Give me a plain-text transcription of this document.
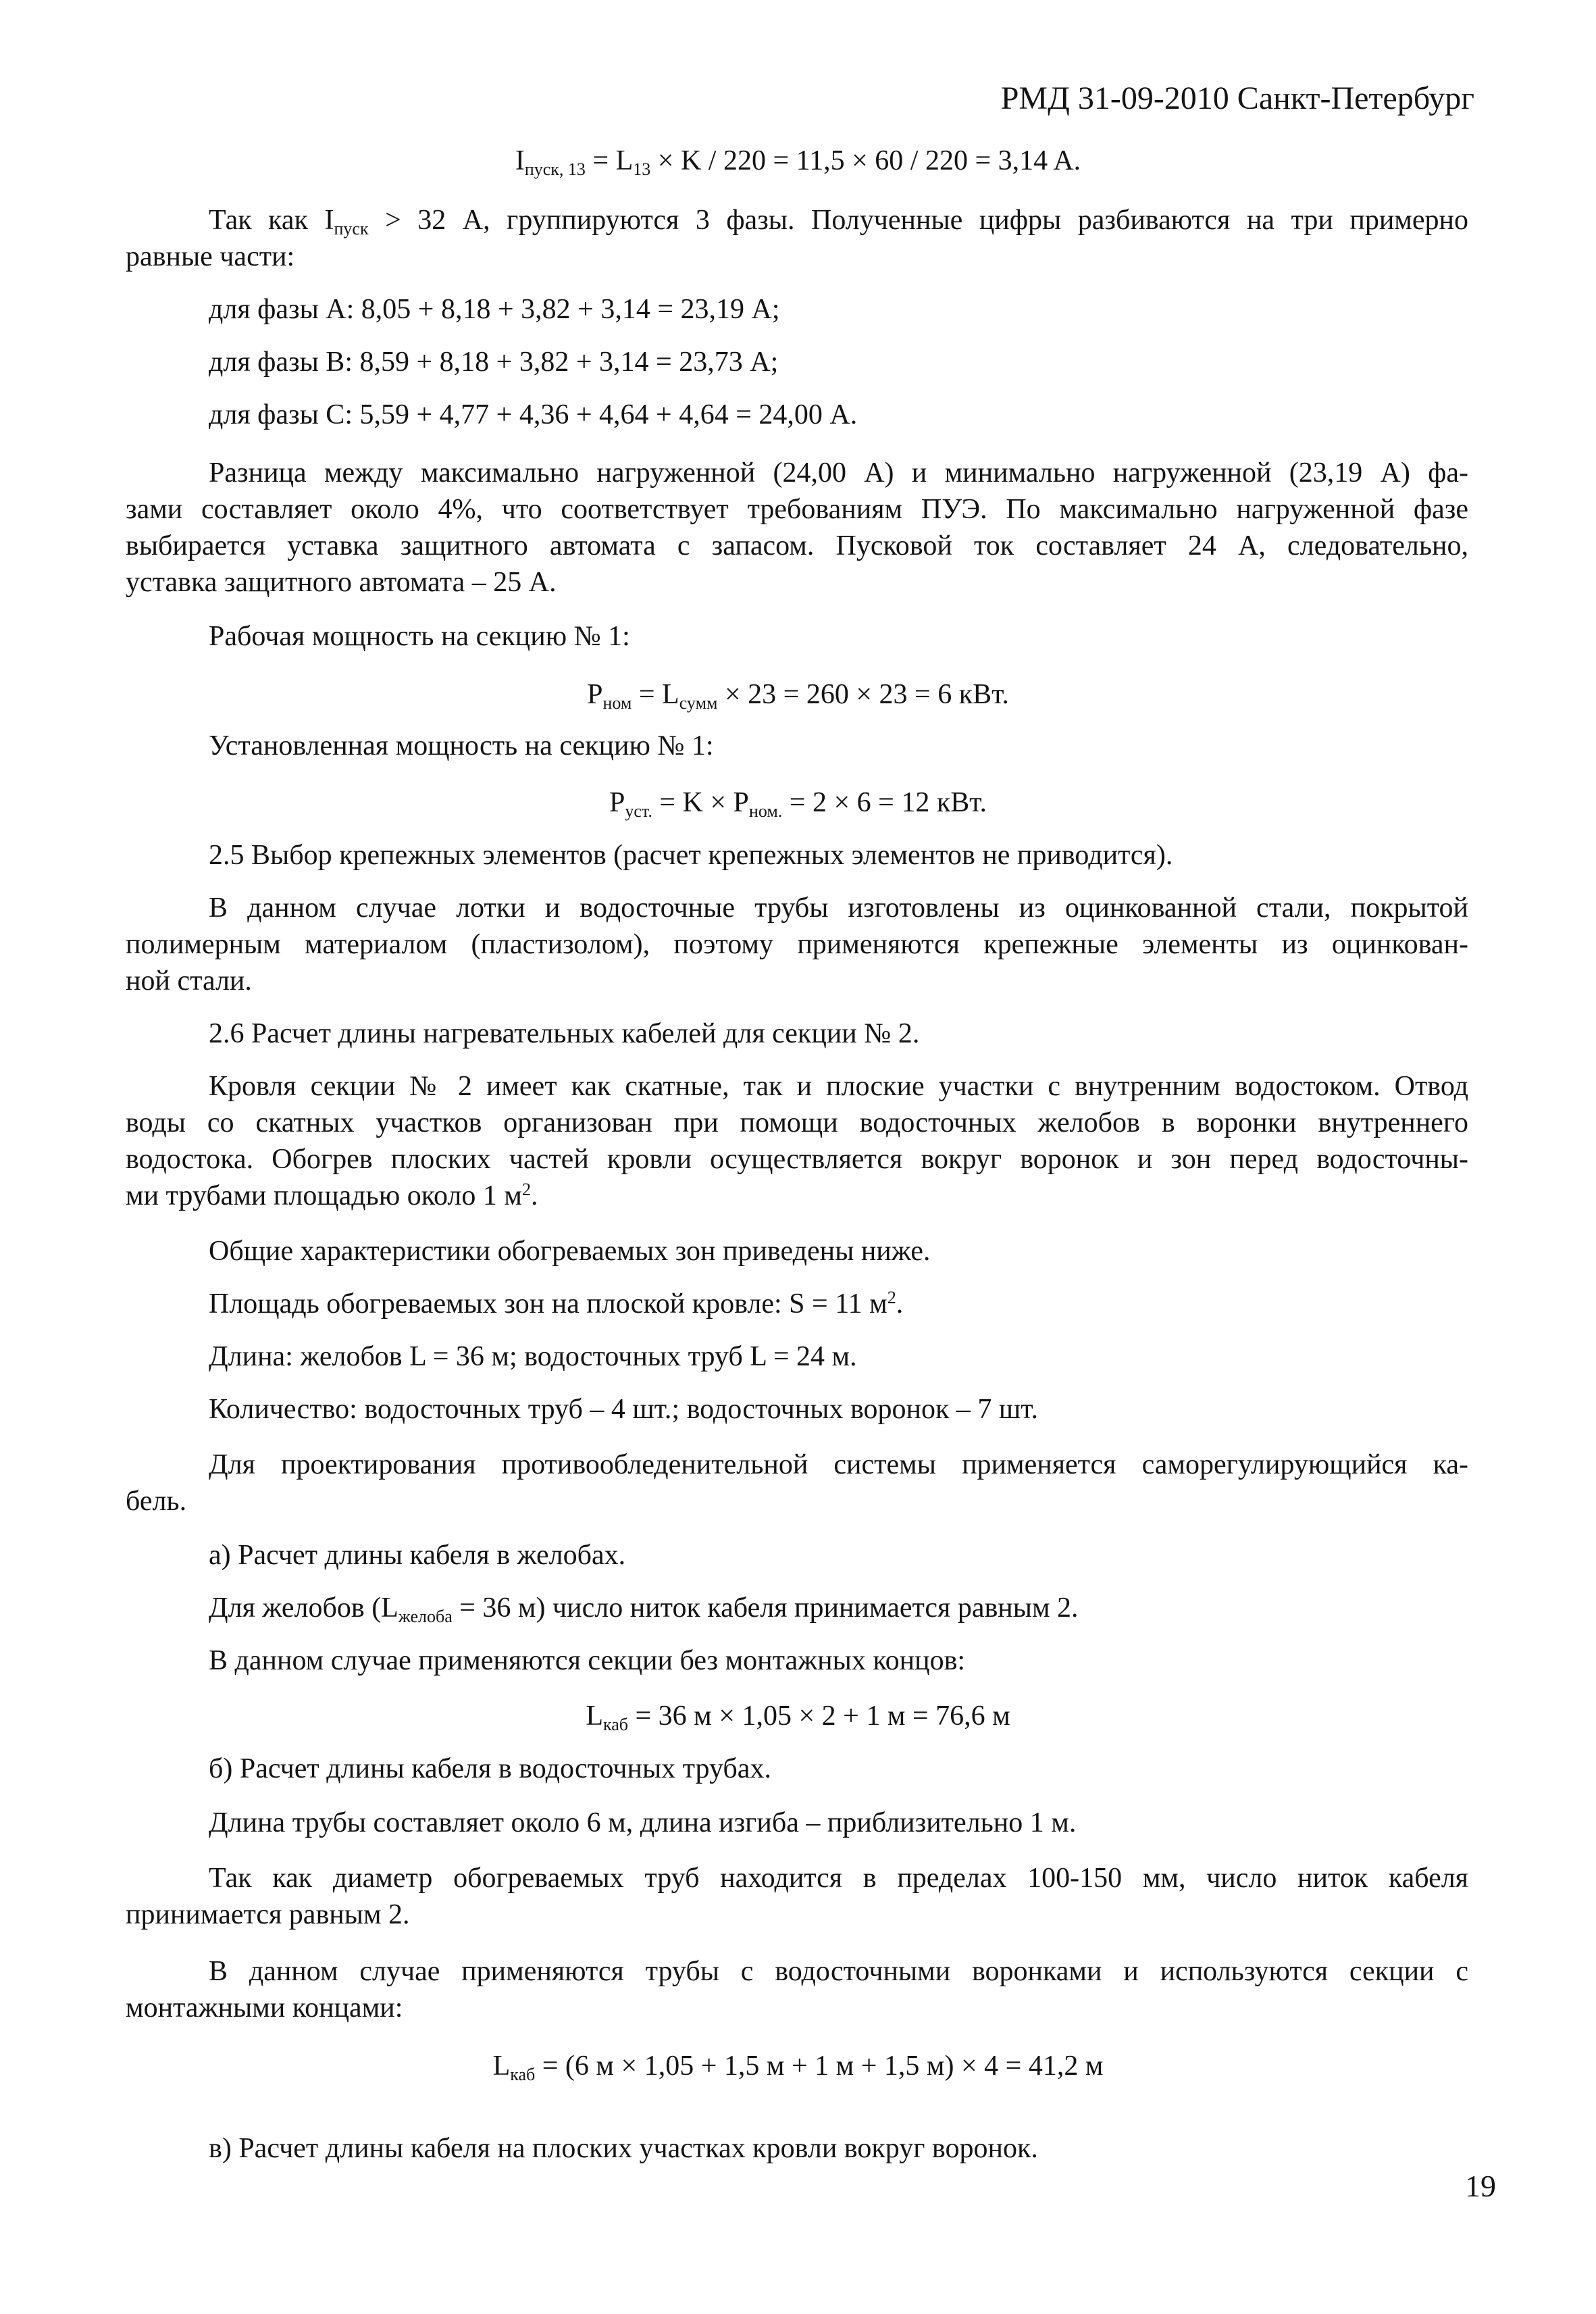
РМД 31-09-2010 Санкт-Петербург
$I_{пуск, 13} = L_{13} \times K / 220 = 11,5 \times 60 / 220 = 3,14$ A.
Так как $I_{пуск} > 32$ А, группируются 3 фазы. Полученные цифры разбиваются на три примерно
равные части:
для фазы А: 8,05 + 8,18 + 3,82 + 3,14 = 23,19 А;
для фазы В: 8,59 + 8,18 + 3,82 + 3,14 = 23,73 А;
для фазы С: 5,59 + 4,77 + 4,36 + 4,64 + 4,64 = 24,00 А.
Разница между максимально нагруженной (24,00 А) и минимально нагруженной (23,19 А) фа-
зами составляет около 4%, что соответствует требованиям ПУЭ. По максимально нагруженной фазе
выбирается уставка защитного автомата с запасом. Пусковой ток составляет 24 А, следовательно,
уставка защитного автомата – 25 А.
Рабочая мощность на секцию № 1:
$P_{ном} = L_{сумм} \times 23 = 260 \times 23 = 6$ кВт.
Установленная мощность на секцию № 1:
$P_{уст.} = K \times P_{ном.} = 2 \times 6 = 12$ кВт.
2.5 Выбор крепежных элементов (расчет крепежных элементов не приводится).
В данном случае лотки и водосточные трубы изготовлены из оцинкованной стали, покрытой
полимерным материалом (пластизолом), поэтому применяются крепежные элементы из оцинкован-
ной стали.
2.6 Расчет длины нагревательных кабелей для секции № 2.
Кровля секции № 2 имеет как скатные, так и плоские участки с внутренним водостоком. Отвод
воды со скатных участков организован при помощи водосточных желобов в воронки внутреннего
водостока. Обогрев плоских частей кровли осуществляется вокруг воронок и зон перед водосточны-
ми трубами площадью около 1 $м^2$.
Общие характеристики обогреваемых зон приведены ниже.
Площадь обогреваемых зон на плоской кровле: S = 11 $м^2$.
Длина: желобов L = 36 м; водосточных труб L = 24 м.
Количество: водосточных труб – 4 шт.; водосточных воронок – 7 шт.
Для проектирования противообледенительной системы применяется саморегулирующийся ка-
бель.
а) Расчет длины кабеля в желобах.
Для желобов ($L_{желоба} = 36$ м) число ниток кабеля принимается равным 2.
В данном случае применяются секции без монтажных концов:
$L_{каб} = 36$ м × 1,05 × 2 + 1 м = 76,6 м
б) Расчет длины кабеля в водосточных трубах.
Длина трубы составляет около 6 м, длина изгиба – приблизительно 1 м.
Так как диаметр обогреваемых труб находится в пределах 100-150 мм, число ниток кабеля
принимается равным 2.
В данном случае применяются трубы с водосточными воронками и используются секции с
монтажными концами:
$L_{каб} = (6$ м × 1,05 + 1,5 м + 1 м + 1,5 м) × 4 = 41,2 м
в) Расчет длины кабеля на плоских участках кровли вокруг воронок.
19
